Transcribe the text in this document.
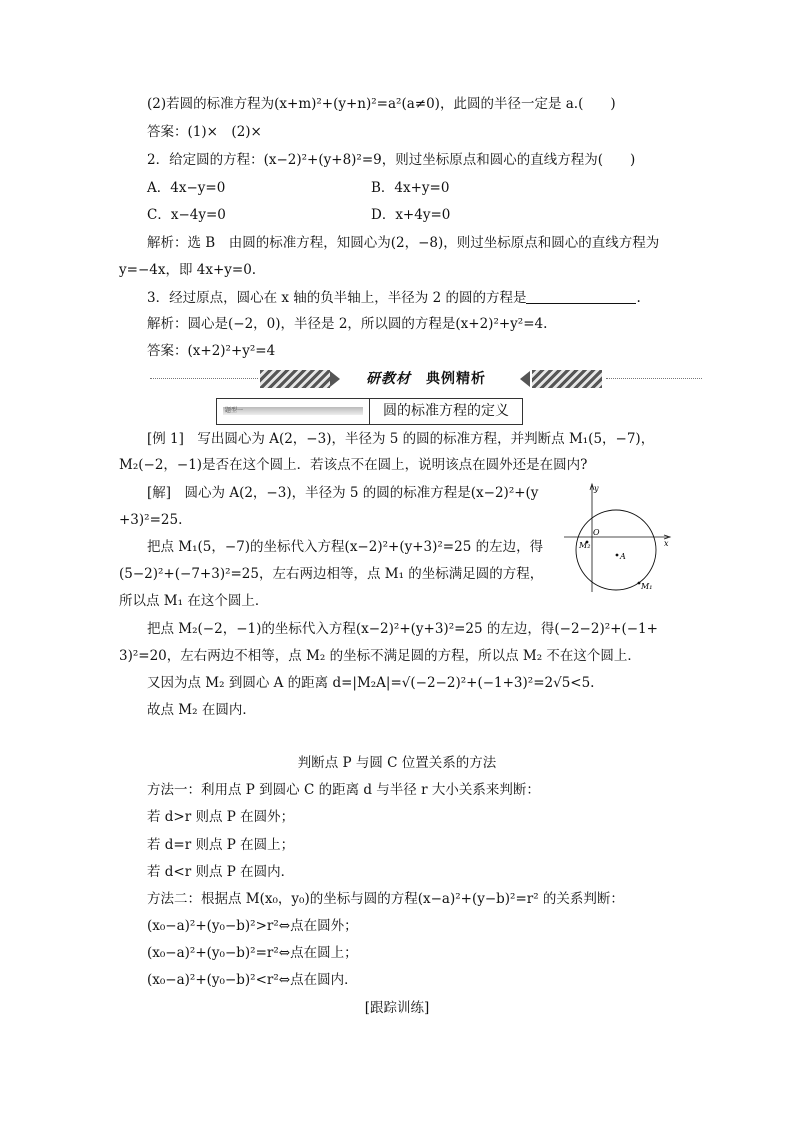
(2)若圆的标准方程为(x+m)²+(y+n)²=a²(a≠0)，此圆的半径一定是 a.(　　)
答案：(1)×　(2)×
2．给定圆的方程：(x−2)²+(y+8)²=9，则过坐标原点和圆心的直线方程为(　　)
A．4x−y=0	B．4x+y=0
C．x−4y=0	D．x+4y=0
解析：选 B　由圆的标准方程，知圆心为(2，−8)，则过坐标原点和圆心的直线方程为
y=−4x，即 4x+y=0.
3．经过原点，圆心在 x 轴的负半轴上，半径为 2 的圆的方程是	.
解析：圆心是(−2，0)，半径是 2，所以圆的方程是(x+2)²+y²=4.
答案：(x+2)²+y²=4
研教材　 典例精析
题型一	圆的标准方程的定义
[例 1]　写出圆心为 A(2，−3)，半径为 5 的圆的标准方程，并判断点 M₁(5，−7)，
M₂(−2，−1)是否在这个圆上．若该点不在圆上，说明该点在圆外还是在圆内?
[解]　圆心为 A(2，−3)，半径为 5 的圆的标准方程是(x−2)²+(y
+3)²=25.
把点 M₁(5，−7)的坐标代入方程(x−2)²+(y+3)²=25 的左边，得
(5−2)²+(−7+3)²=25，左右两边相等，点 M₁ 的坐标满足圆的方程，
所以点 M₁ 在这个圆上．
把点 M₂(−2，−1)的坐标代入方程(x−2)²+(y+3)²=25 的左边，得(−2−2)²+(−1+
3)²=20，左右两边不相等，点 M₂ 的坐标不满足圆的方程，所以点 M₂ 不在这个圆上．
又因为点 M₂ 到圆心 A 的距离 d=|M₂A|=√(−2−2)²+(−1+3)²=2√5<5.
故点 M₂ 在圆内．
y
x
O
A
M₁
M₂
判断点 P 与圆 C 位置关系的方法
方法一：利用点 P 到圆心 C 的距离 d 与半径 r 大小关系来判断：
若 d>r 则点 P 在圆外；
若 d=r 则点 P 在圆上；
若 d<r 则点 P 在圆内．
方法二：根据点 M(x₀，y₀)的坐标与圆的方程(x−a)²+(y−b)²=r² 的关系判断：
(x₀−a)²+(y₀−b)²>r²⇔点在圆外；
(x₀−a)²+(y₀−b)²=r²⇔点在圆上；
(x₀−a)²+(y₀−b)²<r²⇔点在圆内．
[跟踪训练]
